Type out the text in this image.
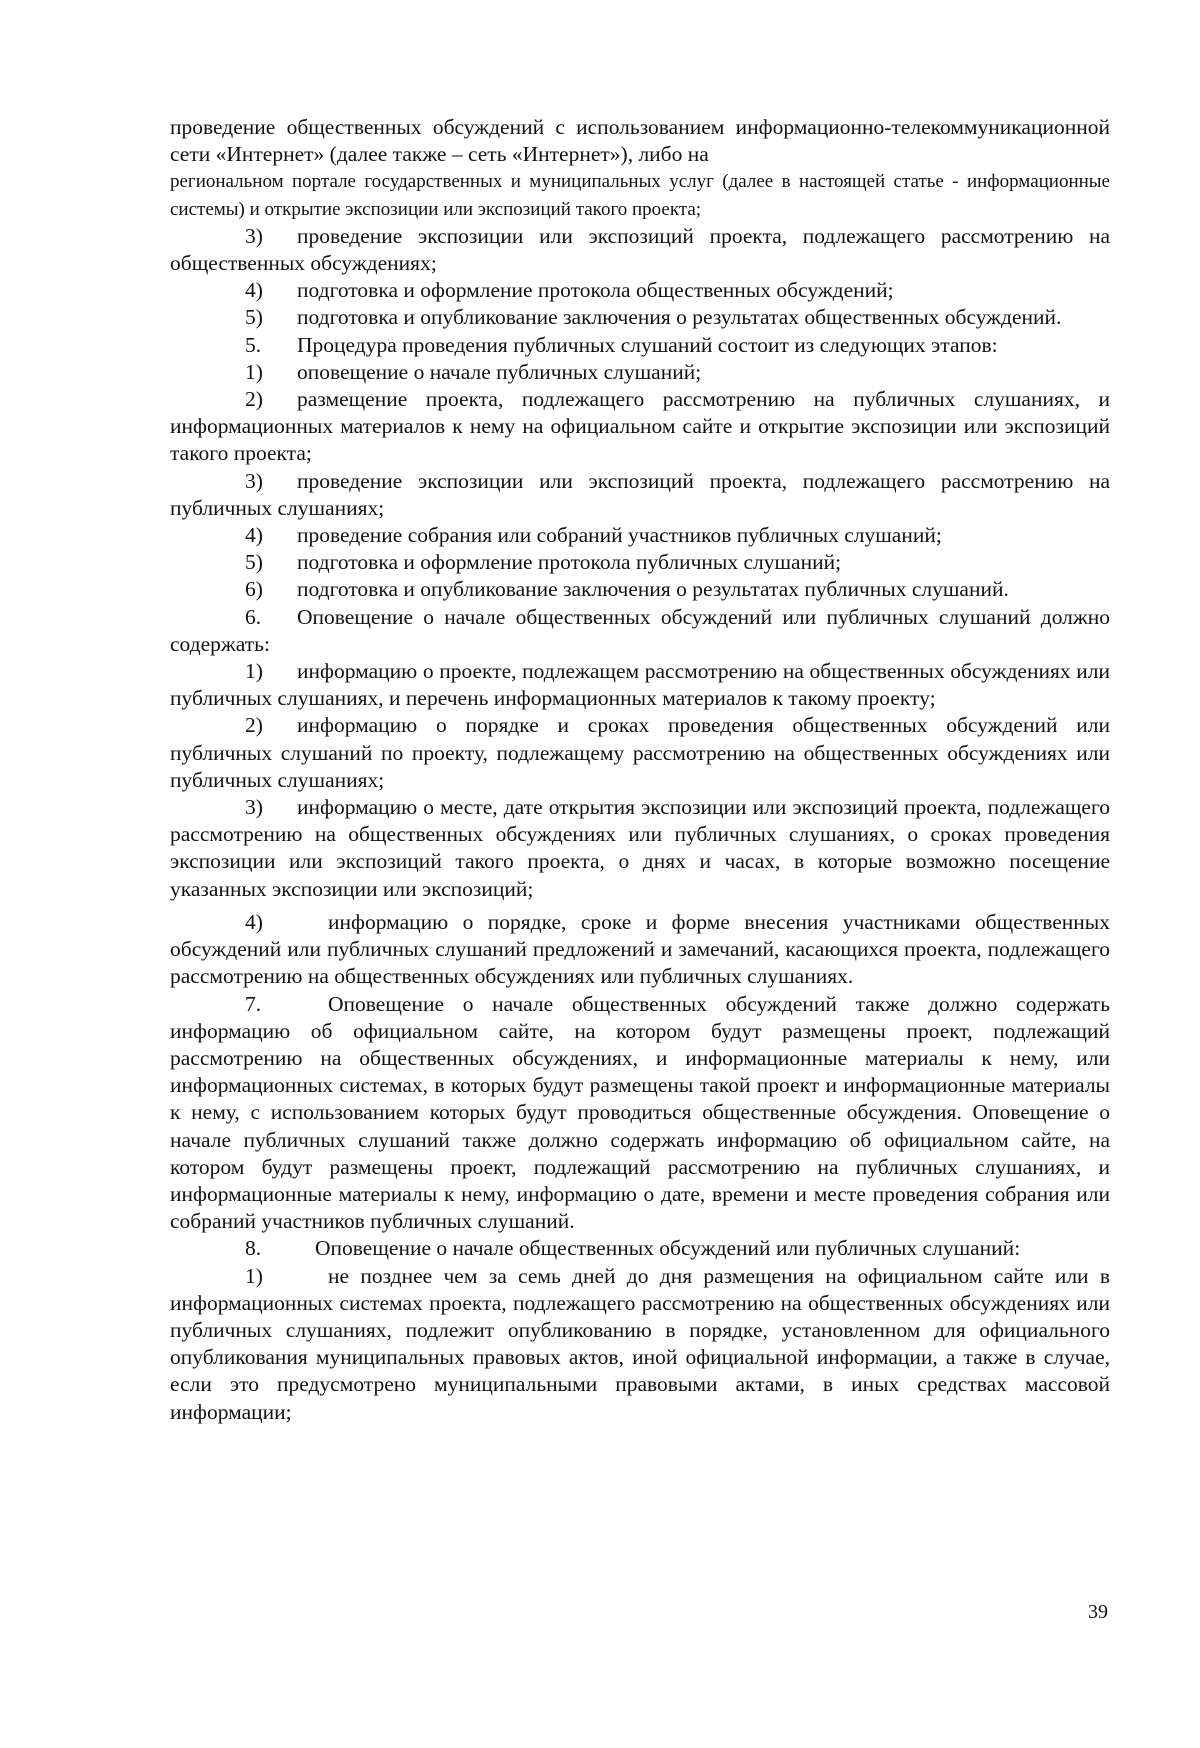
проведение общественных обсуждений с использованием информационно-телекоммуникационной сети «Интернет» (далее также – сеть «Интернет»), либо на

региональном портале государственных и муниципальных услуг (далее в настоящей статье - информационные системы) и открытие экспозиции или экспозиций такого проекта;

3) проведение экспозиции или экспозиций проекта, подлежащего рассмотрению на общественных обсуждениях;

4) подготовка и оформление протокола общественных обсуждений;

5) подготовка и опубликование заключения о результатах общественных обсуждений.

5. Процедура проведения публичных слушаний состоит из следующих этапов:

1) оповещение о начале публичных слушаний;

2) размещение проекта, подлежащего рассмотрению на публичных слушаниях, и информационных материалов к нему на официальном сайте и открытие экспозиции или экспозиций такого проекта;

3) проведение экспозиции или экспозиций проекта, подлежащего рассмотрению на публичных слушаниях;

4) проведение собрания или собраний участников публичных слушаний;

5) подготовка и оформление протокола публичных слушаний;

6) подготовка и опубликование заключения о результатах публичных слушаний.

6. Оповещение о начале общественных обсуждений или публичных слушаний должно содержать:

1) информацию о проекте, подлежащем рассмотрению на общественных обсуждениях или публичных слушаниях, и перечень информационных материалов к такому проекту;

2) информацию о порядке и сроках проведения общественных обсуждений или публичных слушаний по проекту, подлежащему рассмотрению на общественных обсуждениях или публичных слушаниях;

3) информацию о месте, дате открытия экспозиции или экспозиций проекта, подлежащего рассмотрению на общественных обсуждениях или публичных слушаниях, о сроках проведения экспозиции или экспозиций такого проекта, о днях и часах, в которые возможно посещение указанных экспозиции или экспозиций;

4)	информацию о порядке, сроке и форме внесения участниками общественных обсуждений или публичных слушаний предложений и замечаний, касающихся проекта, подлежащего рассмотрению на общественных обсуждениях или публичных слушаниях.

7.	Оповещение о начале общественных обсуждений также должно содержать информацию об официальном сайте, на котором будут размещены проект, подлежащий рассмотрению на общественных обсуждениях, и информационные материалы к нему, или информационных системах, в которых будут размещены такой проект и информационные материалы к нему, с использованием которых будут проводиться общественные обсуждения. Оповещение о начале публичных слушаний также должно содержать информацию об официальном сайте, на котором будут размещены проект, подлежащий рассмотрению на публичных слушаниях, и информационные материалы к нему, информацию о дате, времени и месте проведения собрания или собраний участников публичных слушаний.

8.	Оповещение о начале общественных обсуждений или публичных слушаний:

1)	не позднее чем за семь дней до дня размещения на официальном сайте или в информационных системах проекта, подлежащего рассмотрению на общественных обсуждениях или публичных слушаниях, подлежит опубликованию в порядке, установленном для официального опубликования муниципальных правовых актов, иной официальной информации, а также в случае, если это предусмотрено муниципальными правовыми актами, в иных средствах массовой информации;

39
